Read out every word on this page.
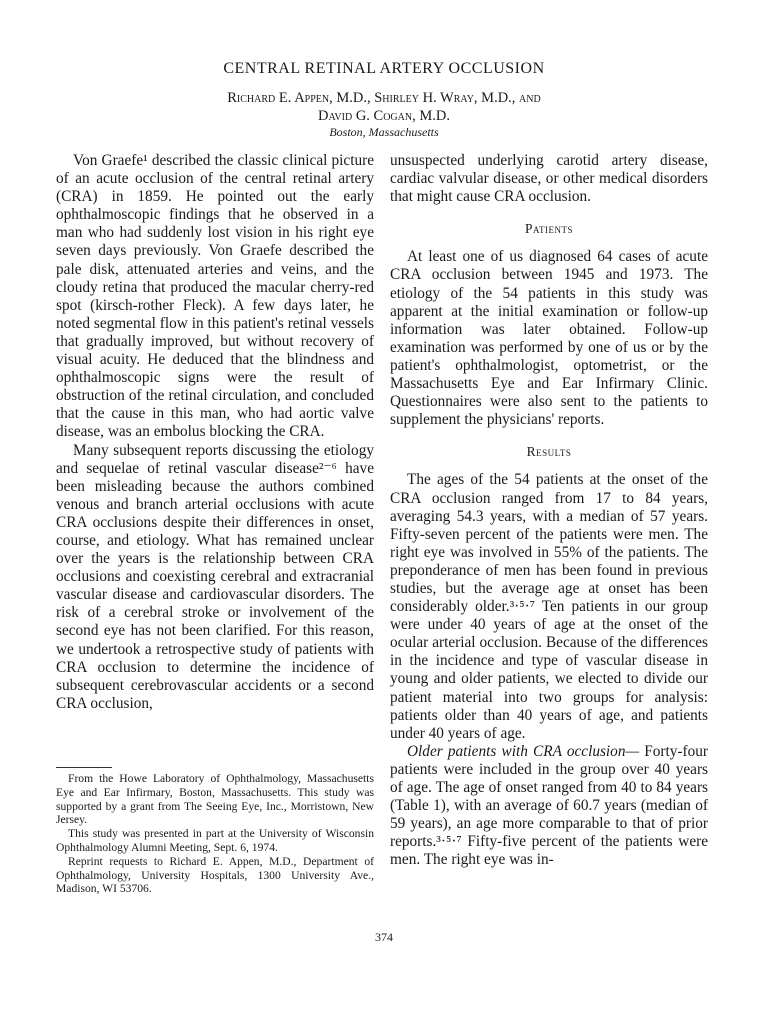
CENTRAL RETINAL ARTERY OCCLUSION
Richard E. Appen, M.D., Shirley H. Wray, M.D., and
David G. Cogan, M.D.
Boston, Massachusetts

Von Graefe¹ described the classic clinical picture of an acute occlusion of the central retinal artery (CRA) in 1859. He pointed out the early ophthalmoscopic findings that he observed in a man who had suddenly lost vision in his right eye seven days previously. Von Graefe described the pale disk, attenuated arteries and veins, and the cloudy retina that produced the macular cherry-red spot (kirsch-rother Fleck). A few days later, he noted segmental flow in this patient's retinal vessels that gradually improved, but without recovery of visual acuity. He deduced that the blindness and ophthalmoscopic signs were the result of obstruction of the retinal circulation, and concluded that the cause in this man, who had aortic valve disease, was an embolus blocking the CRA.

Many subsequent reports discussing the etiology and sequelae of retinal vascular disease²⁻⁶ have been misleading because the authors combined venous and branch arterial occlusions with acute CRA occlusions despite their differences in onset, course, and etiology. What has remained unclear over the years is the relationship between CRA occlusions and coexisting cerebral and extracranial vascular disease and cardiovascular disorders. The risk of a cerebral stroke or involvement of the second eye has not been clarified. For this reason, we undertook a retrospective study of patients with CRA occlusion to determine the incidence of subsequent cerebrovascular accidents or a second CRA occlusion,

From the Howe Laboratory of Ophthalmology, Massachusetts Eye and Ear Infirmary, Boston, Massachusetts. This study was supported by a grant from The Seeing Eye, Inc., Morristown, New Jersey.

This study was presented in part at the University of Wisconsin Ophthalmology Alumni Meeting, Sept. 6, 1974.

Reprint requests to Richard E. Appen, M.D., Department of Ophthalmology, University Hospitals, 1300 University Ave., Madison, WI 53706.

unsuspected underlying carotid artery disease, cardiac valvular disease, or other medical disorders that might cause CRA occlusion.

Patients

At least one of us diagnosed 64 cases of acute CRA occlusion between 1945 and 1973. The etiology of the 54 patients in this study was apparent at the initial examination or follow-up information was later obtained. Follow-up examination was performed by one of us or by the patient's ophthalmologist, optometrist, or the Massachusetts Eye and Ear Infirmary Clinic. Questionnaires were also sent to the patients to supplement the physicians' reports.

Results

The ages of the 54 patients at the onset of the CRA occlusion ranged from 17 to 84 years, averaging 54.3 years, with a median of 57 years. Fifty-seven percent of the patients were men. The right eye was involved in 55% of the patients. The preponderance of men has been found in previous studies, but the average age at onset has been considerably older.³·⁵·⁷ Ten patients in our group were under 40 years of age at the onset of the ocular arterial occlusion. Because of the differences in the incidence and type of vascular disease in young and older patients, we elected to divide our patient material into two groups for analysis: patients older than 40 years of age, and patients under 40 years of age.

Older patients with CRA occlusion— Forty-four patients were included in the group over 40 years of age. The age of onset ranged from 40 to 84 years (Table 1), with an average of 60.7 years (median of 59 years), an age more comparable to that of prior reports.³·⁵·⁷ Fifty-five percent of the patients were men. The right eye was in-

374
